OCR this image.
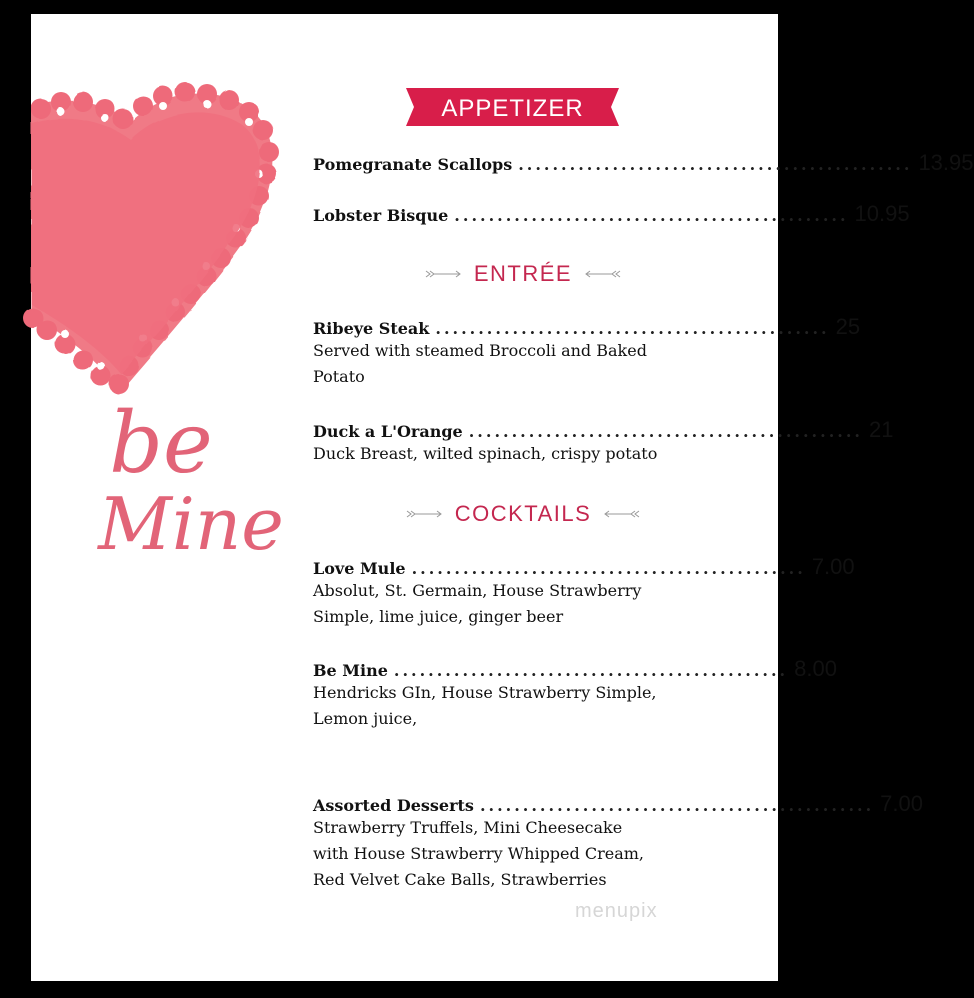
be
Mine
APPETIZER
Pomegranate Scallops .............................................. 13.95
Lobster Bisque .............................................. 10.95
ENTRÉE
Ribeye Steak .............................................. 25
Served with steamed Broccoli and Baked
Potato
Duck a L'Orange .............................................. 21
Duck Breast, wilted spinach, crispy potato
COCKTAILS
Love Mule .............................................. 7.00
Absolut, St. Germain, House Strawberry
Simple, lime juice, ginger beer
Be Mine .............................................. 8.00
Hendricks GIn, House Strawberry Simple,
Lemon juice,
Assorted Desserts .............................................. 7.00
Strawberry Truffels, Mini Cheesecake
with House Strawberry Whipped Cream,
Red Velvet Cake Balls, Strawberries
menupix
